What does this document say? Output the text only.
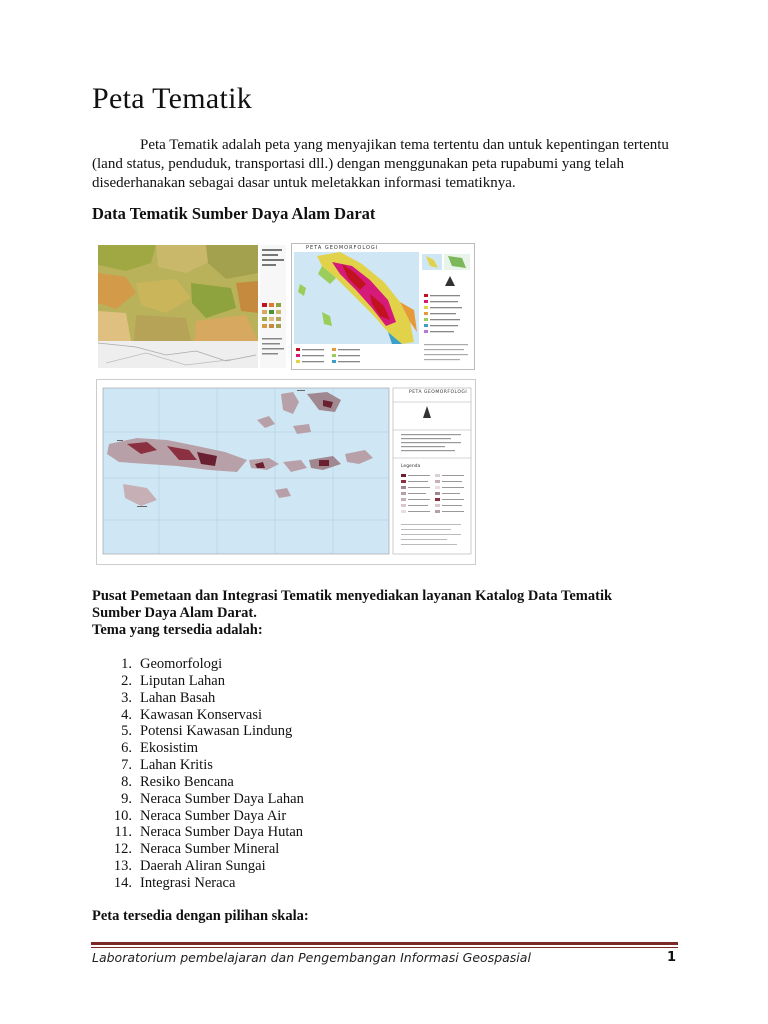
Peta Tematik

Peta Tematik adalah peta yang menyajikan tema tertentu dan untuk kepentingan tertentu (land status, penduduk, transportasi dll.) dengan menggunakan peta rupabumi yang telah disederhanakan sebagai dasar untuk meletakkan informasi tematiknya.

Data Tematik Sumber Daya Alam Darat
PETA GEOMORFOLOGI
PETA GEOMORFOLOGI
Legenda

Pusat Pemetaan dan Integrasi Tematik menyediakan layanan Katalog Data Tematik
Sumber Daya Alam Darat.
Tema yang tersedia adalah:

1. Geomorfologi
2. Liputan Lahan
3. Lahan Basah
4. Kawasan Konservasi
5. Potensi Kawasan Lindung
6. Ekosistim
7. Lahan Kritis
8. Resiko Bencana
9. Neraca Sumber Daya Lahan
10. Neraca Sumber Daya Air
11. Neraca Sumber Daya Hutan
12. Neraca Sumber Mineral
13. Daerah Aliran Sungai
14. Integrasi Neraca

Peta tersedia dengan pilihan skala:

Laboratorium pembelajaran dan Pengembangan Informasi Geospasial	1
